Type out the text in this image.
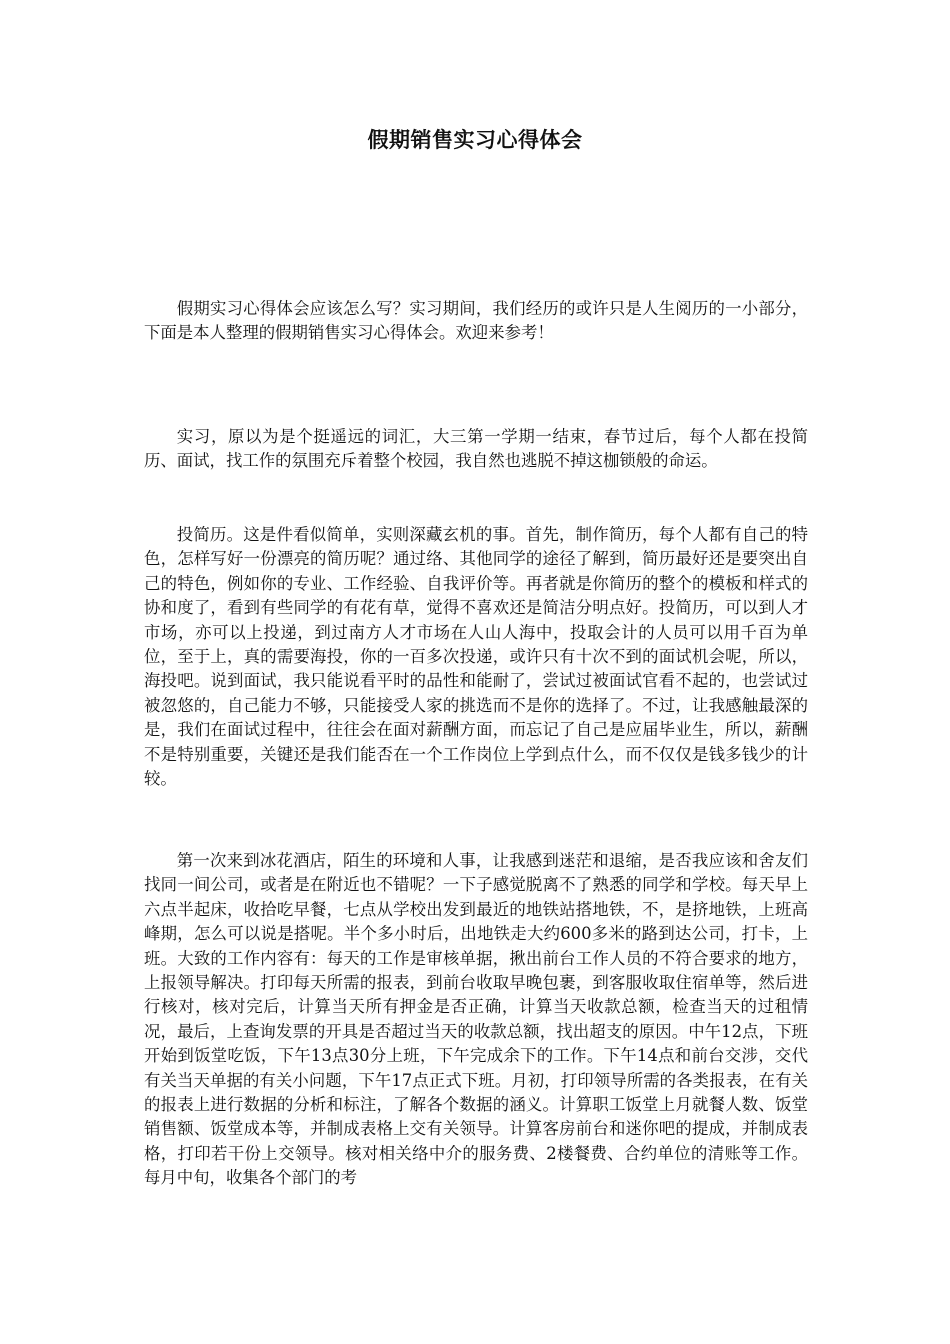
假期销售实习心得体会

假期实习心得体会应该怎么写？实习期间，我们经历的或许只是人生阅历的一小部分，下面是本人整理的假期销售实习心得体会。欢迎来参考！

实习，原以为是个挺遥远的词汇，大三第一学期一结束，春节过后，每个人都在投简历、面试，找工作的氛围充斥着整个校园，我自然也逃脱不掉这枷锁般的命运。

投简历。这是件看似简单，实则深藏玄机的事。首先，制作简历，每个人都有自己的特色，怎样写好一份漂亮的简历呢？通过络、其他同学的途径了解到，简历最好还是要突出自己的特色，例如你的专业、工作经验、自我评价等。再者就是你简历的整个的模板和样式的协和度了，看到有些同学的有花有草，觉得不喜欢还是简洁分明点好。投简历，可以到人才市场，亦可以上投递，到过南方人才市场在人山人海中，投取会计的人员可以用千百为单位，至于上，真的需要海投，你的一百多次投递，或许只有十次不到的面试机会呢，所以，海投吧。说到面试，我只能说看平时的品性和能耐了，尝试过被面试官看不起的，也尝试过被忽悠的，自己能力不够，只能接受人家的挑选而不是你的选择了。不过，让我感触最深的是，我们在面试过程中，往往会在面对薪酬方面，而忘记了自己是应届毕业生，所以，薪酬不是特别重要，关键还是我们能否在一个工作岗位上学到点什么，而不仅仅是钱多钱少的计较。

第一次来到冰花酒店，陌生的环境和人事，让我感到迷茫和退缩，是否我应该和舍友们找同一间公司，或者是在附近也不错呢？一下子感觉脱离不了熟悉的同学和学校。每天早上六点半起床，收拾吃早餐，七点从学校出发到最近的地铁站搭地铁，不，是挤地铁，上班高峰期，怎么可以说是搭呢。半个多小时后，出地铁走大约600多米的路到达公司，打卡，上班。大致的工作内容有：每天的工作是审核单据，揪出前台工作人员的不符合要求的地方，上报领导解决。打印每天所需的报表，到前台收取早晚包裹，到客服收取住宿单等，然后进行核对，核对完后，计算当天所有押金是否正确，计算当天收款总额，检查当天的过租情况，最后，上查询发票的开具是否超过当天的收款总额，找出超支的原因。中午12点，下班开始到饭堂吃饭，下午13点30分上班，下午完成余下的工作。下午14点和前台交涉，交代有关当天单据的有关小问题，下午17点正式下班。月初，打印领导所需的各类报表，在有关的报表上进行数据的分析和标注，了解各个数据的涵义。计算职工饭堂上月就餐人数、饭堂销售额、饭堂成本等，并制成表格上交有关领导。计算客房前台和迷你吧的提成，并制成表格，打印若干份上交领导。核对相关络中介的服务费、2楼餐费、合约单位的清账等工作。每月中旬，收集各个部门的考
